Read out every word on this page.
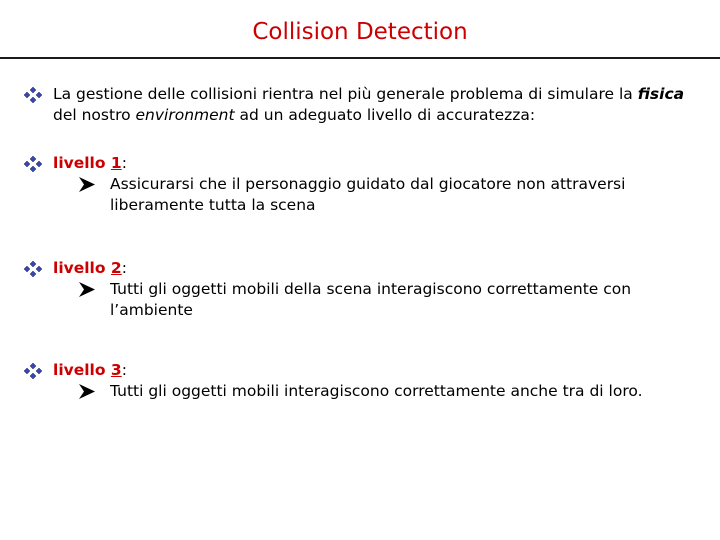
Collision Detection
La gestione delle collisioni rientra nel più generale problema di simulare la fisica del nostro environment ad un adeguato livello di accuratezza:
livello 1:
Assicurarsi che il personaggio guidato dal giocatore non attraversi liberamente tutta la scena
livello 2:
Tutti gli oggetti mobili della scena interagiscono correttamente con l’ambiente
livello 3:
Tutti gli oggetti mobili interagiscono correttamente anche tra di loro.
